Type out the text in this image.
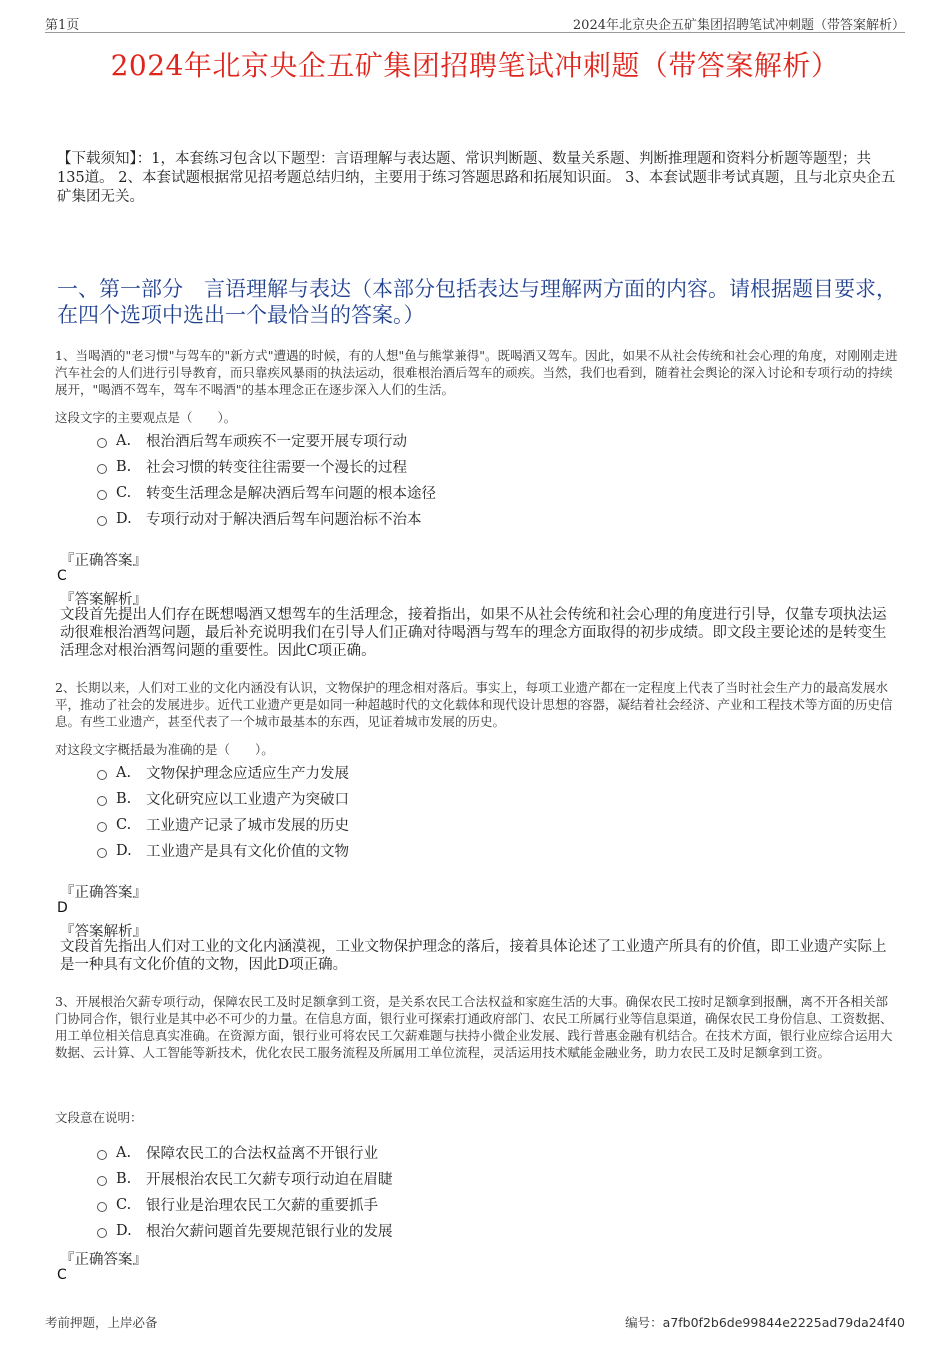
第1页	2024年北京央企五矿集团招聘笔试冲刺题（带答案解析）
2024年北京央企五矿集团招聘笔试冲刺题（带答案解析）
【下载须知】：1，本套练习包含以下题型：言语理解与表达题、常识判断题、数量关系题、判断推理题和资料分析题等题型；共135道。 2、本套试题根据常见招考题总结归纳，主要用于练习答题思路和拓展知识面。 3、本套试题非考试真题，且与北京央企五矿集团无关。
一、第一部分　言语理解与表达（本部分包括表达与理解两方面的内容。请根据题目要求，在四个选项中选出一个最恰当的答案。）
1、当喝酒的"老习惯"与驾车的"新方式"遭遇的时候，有的人想"鱼与熊掌兼得"。既喝酒又驾车。因此，如果不从社会传统和社会心理的角度，对刚刚走进汽车社会的人们进行引导教育，而只靠疾风暴雨的执法运动，很难根治酒后驾车的顽疾。当然，我们也看到，随着社会舆论的深入讨论和专项行动的持续展开，"喝酒不驾车，驾车不喝酒"的基本理念正在逐步深入人们的生活。
这段文字的主要观点是（　　）。
A.	根治酒后驾车顽疾不一定要开展专项行动
B.	社会习惯的转变往往需要一个漫长的过程
C.	转变生活理念是解决酒后驾车问题的根本途径
D. 专项行动对于解决酒后驾车问题治标不治本
『正确答案』
C
『答案解析』
文段首先提出人们存在既想喝酒又想驾车的生活理念，接着指出，如果不从社会传统和社会心理的角度进行引导，仅靠专项执法运动很难根治酒驾问题，最后补充说明我们在引导人们正确对待喝酒与驾车的理念方面取得的初步成绩。即文段主要论述的是转变生活理念对根治酒驾问题的重要性。因此C项正确。
2、长期以来，人们对工业的文化内涵没有认识，文物保护的理念相对落后。事实上，每项工业遗产都在一定程度上代表了当时社会生产力的最高发展水平，推动了社会的发展进步。近代工业遗产更是如同一种超越时代的文化载体和现代设计思想的容器，凝结着社会经济、产业和工程技术等方面的历史信息。有些工业遗产，甚至代表了一个城市最基本的东西，见证着城市发展的历史。
对这段文字概括最为准确的是（　　）。
A.	文物保护理念应适应生产力发展
B.	文化研究应以工业遗产为突破口
C.	工业遗产记录了城市发展的历史
D. 工业遗产是具有文化价值的文物
『正确答案』
D
『答案解析』
文段首先指出人们对工业的文化内涵漠视，工业文物保护理念的落后，接着具体论述了工业遗产所具有的价值，即工业遗产实际上是一种具有文化价值的文物，因此D项正确。
3、开展根治欠薪专项行动，保障农民工及时足额拿到工资，是关系农民工合法权益和家庭生活的大事。确保农民工按时足额拿到报酬，离不开各相关部门协同合作，银行业是其中必不可少的力量。在信息方面，银行业可探索打通政府部门、农民工所属行业等信息渠道，确保农民工身份信息、工资数据、用工单位相关信息真实准确。在资源方面，银行业可将农民工欠薪难题与扶持小微企业发展、践行普惠金融有机结合。在技术方面，银行业应综合运用大数据、云计算、人工智能等新技术，优化农民工服务流程及所属用工单位流程，灵活运用技术赋能金融业务，助力农民工及时足额拿到工资。
文段意在说明：
A.	保障农民工的合法权益离不开银行业
B.	开展根治农民工欠薪专项行动迫在眉睫
C.	银行业是治理农民工欠薪的重要抓手
D. 根治欠薪问题首先要规范银行业的发展
『正确答案』
C
考前押题，上岸必备	编号：a7fb0f2b6de99844e2225ad79da24f40
